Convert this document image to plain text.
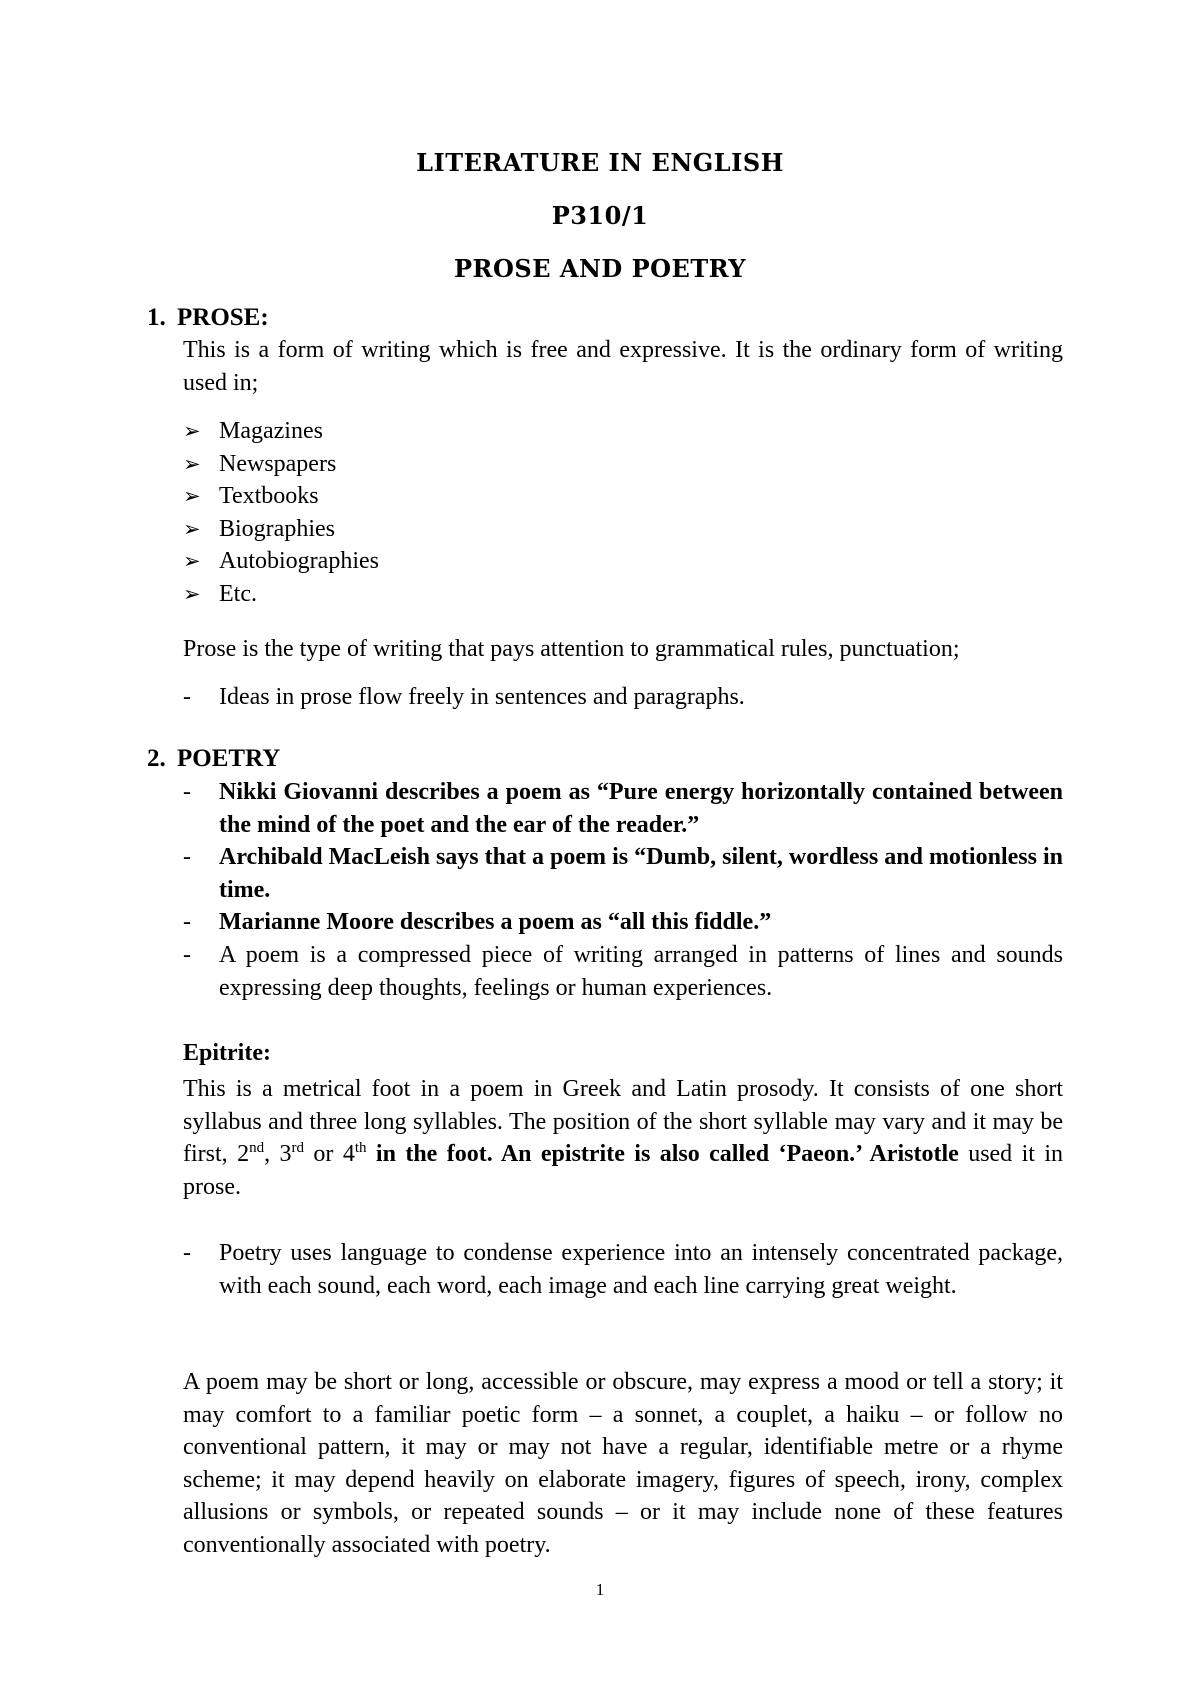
LITERATURE IN ENGLISH
P310/1
PROSE AND POETRY
1. PROSE:

This is a form of writing which is free and expressive. It is the ordinary form of writing used in;

➢ Magazines
➢ Newspapers
➢ Textbooks
➢ Biographies
➢ Autobiographies
➢ Etc.

Prose is the type of writing that pays attention to grammatical rules, punctuation;

- Ideas in prose flow freely in sentences and paragraphs.
2. POETRY
- Nikki Giovanni describes a poem as “Pure energy horizontally contained between the mind of the poet and the ear of the reader.”
- Archibald MacLeish says that a poem is “Dumb, silent, wordless and motionless in time.
- Marianne Moore describes a poem as “all this fiddle.”
- A poem is a compressed piece of writing arranged in patterns of lines and sounds expressing deep thoughts, feelings or human experiences.
Epitrite:

This is a metrical foot in a poem in Greek and Latin prosody. It consists of one short syllabus and three long syllables. The position of the short syllable may vary and it may be first, 2nd, 3rd or 4th in the foot. An epistrite is also called ‘Paeon.’ Aristotle used it in prose.

- Poetry uses language to condense experience into an intensely concentrated package, with each sound, each word, each image and each line carrying great weight.

A poem may be short or long, accessible or obscure, may express a mood or tell a story; it may comfort to a familiar poetic form – a sonnet, a couplet, a haiku – or follow no conventional pattern, it may or may not have a regular, identifiable metre or a rhyme scheme; it may depend heavily on elaborate imagery, figures of speech, irony, complex allusions or symbols, or repeated sounds – or it may include none of these features conventionally associated with poetry.

1
